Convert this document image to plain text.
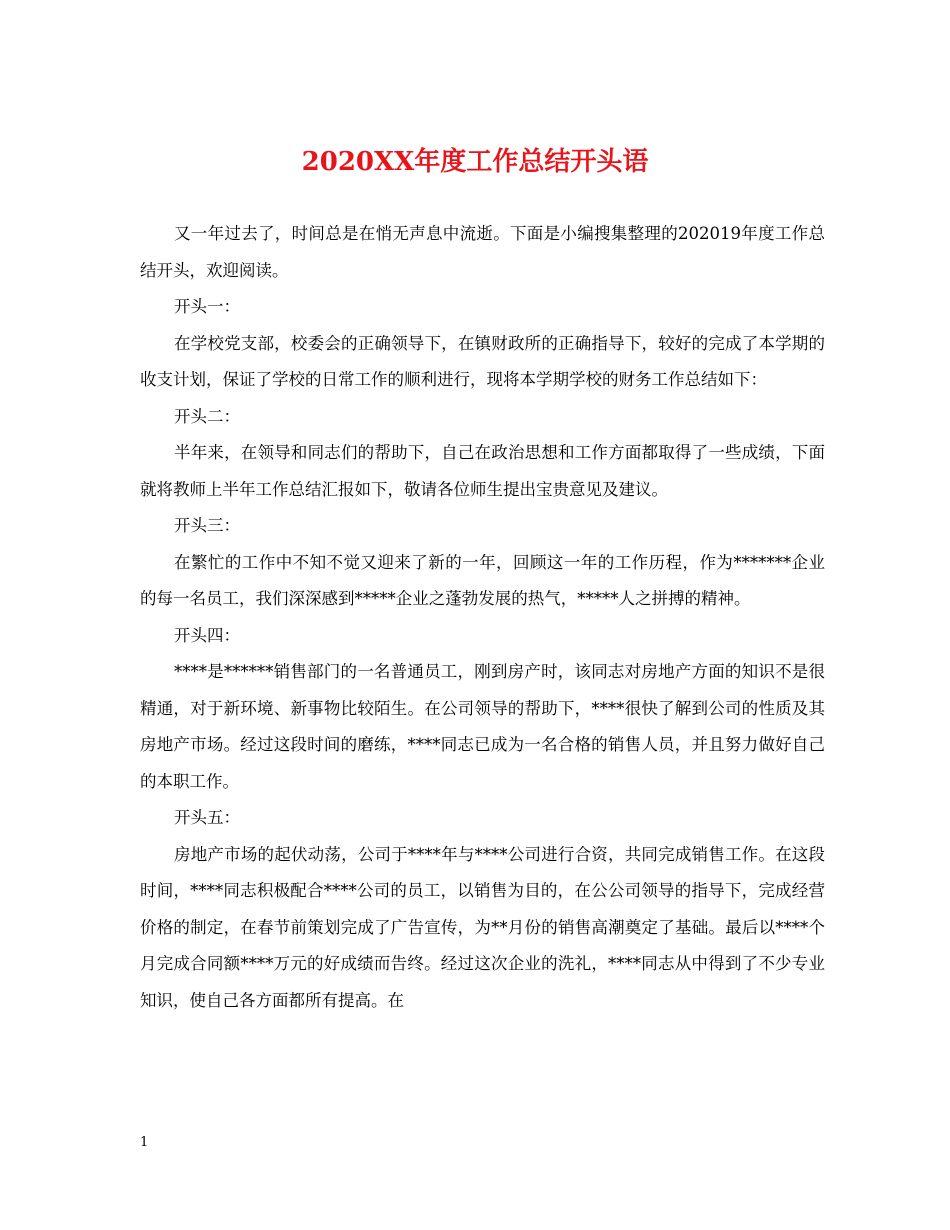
2020XX年度工作总结开头语

又一年过去了，时间总是在悄无声息中流逝。下面是小编搜集整理的202019年度工作总结开头，欢迎阅读。

开头一：

在学校党支部，校委会的正确领导下，在镇财政所的正确指导下，较好的完成了本学期的收支计划，保证了学校的日常工作的顺利进行，现将本学期学校的财务工作总结如下：

开头二：

半年来，在领导和同志们的帮助下，自己在政治思想和工作方面都取得了一些成绩，下面就将教师上半年工作总结汇报如下，敬请各位师生提出宝贵意见及建议。

开头三：

在繁忙的工作中不知不觉又迎来了新的一年，回顾这一年的工作历程，作为*******企业的每一名员工，我们深深感到*****企业之蓬勃发展的热气，*****人之拼搏的精神。

开头四：

****是******销售部门的一名普通员工，刚到房产时，该同志对房地产方面的知识不是很精通，对于新环境、新事物比较陌生。在公司领导的帮助下，****很快了解到公司的性质及其房地产市场。经过这段时间的磨练，****同志已成为一名合格的销售人员，并且努力做好自己的本职工作。

开头五：

房地产市场的起伏动荡，公司于****年与****公司进行合资，共同完成销售工作。在这段时间，****同志积极配合****公司的员工，以销售为目的，在公公司领导的指导下，完成经营价格的制定，在春节前策划完成了广告宣传，为**月份的销售高潮奠定了基础。最后以****个月完成合同额****万元的好成绩而告终。经过这次企业的洗礼，****同志从中得到了不少专业知识，使自己各方面都所有提高。在

1
